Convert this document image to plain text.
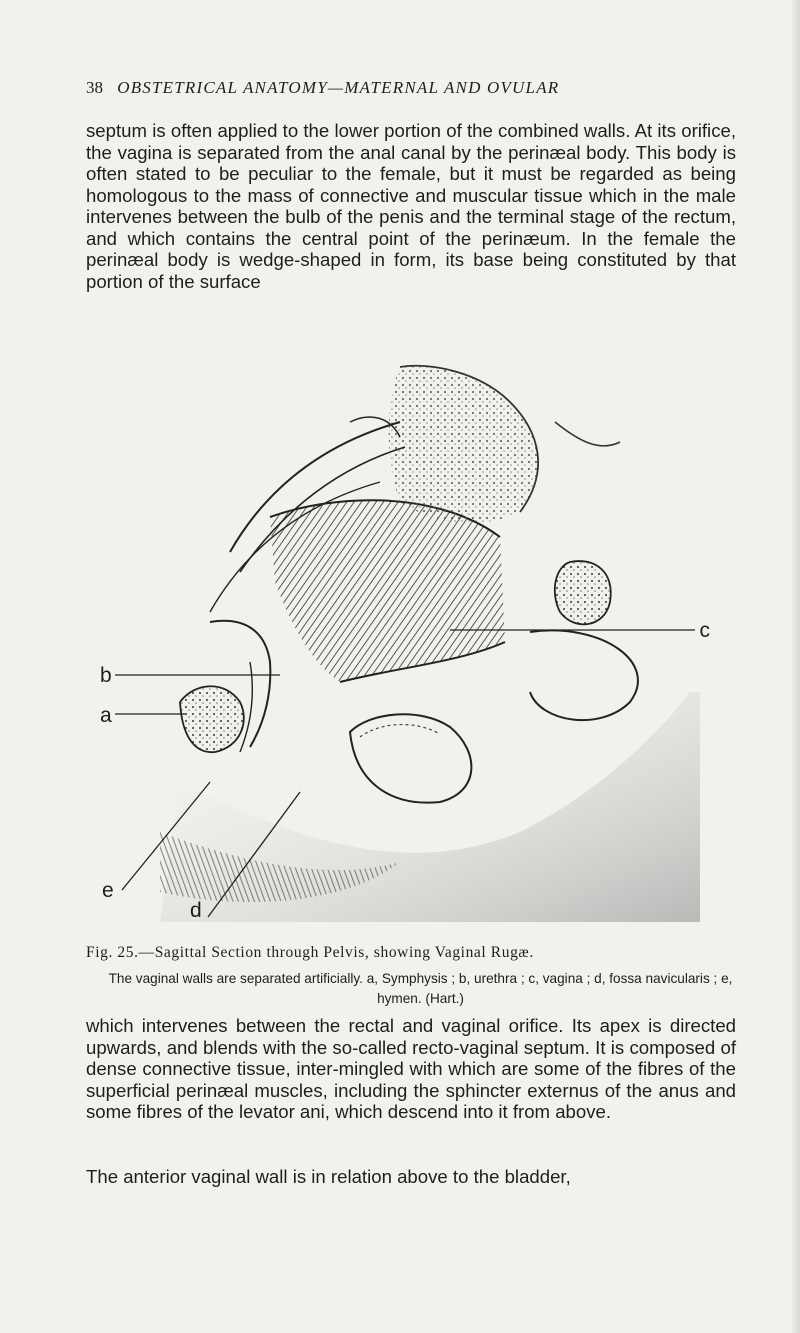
38 OBSTETRICAL ANATOMY—MATERNAL AND OVULAR

septum is often applied to the lower portion of the combined walls. At its orifice, the vagina is separated from the anal canal by the perinæal body. This body is often stated to be peculiar to the female, but it must be regarded as being homologous to the mass of connective and muscular tissue which in the male intervenes between the bulb of the penis and the terminal stage of the rectum, and which contains the central point of the perinæum. In the female the perinæal body is wedge-shaped in form, its base being constituted by that portion of the surface

c
b
a
e
d
Fig. 25.—Sagittal Section through Pelvis, showing Vaginal Rugæ.

The vaginal walls are separated artificially. a, Symphysis ; b, urethra ; c, vagina ; d, fossa navicularis ; e, hymen. (Hart.)

which intervenes between the rectal and vaginal orifice. Its apex is directed upwards, and blends with the so-called recto-vaginal septum. It is composed of dense connective tissue, inter-mingled with which are some of the fibres of the superficial perinæal muscles, including the sphincter externus of the anus and some fibres of the levator ani, which descend into it from above.

The anterior vaginal wall is in relation above to the bladder,
